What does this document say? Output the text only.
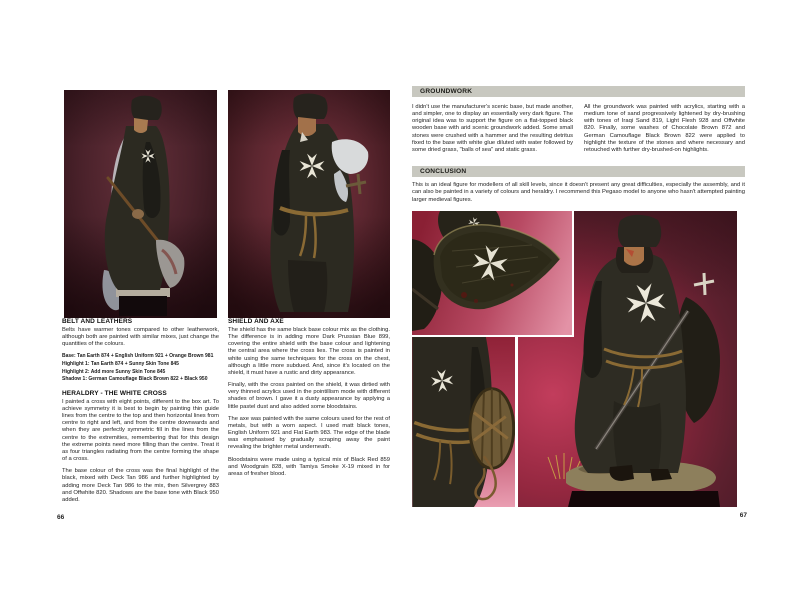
BELT AND LEATHERS

Belts have warmer tones compared to other leatherwork, although both are painted with similar mixes, just change the quantities of the colours.

Base: Tan Earth 874 + English Uniform 921 + Orange Brown 981
Highlight 1: Tan Earth 874 + Sunny Skin Tone 845
Highlight 2: Add more Sunny Skin Tone 845
Shadow 1: German Camouflage Black Brown 822 + Black 950
HERALDRY - THE WHITE CROSS

I painted a cross with eight points, different to the box art. To achieve symmetry it is best to begin by painting thin guide lines from the centre to the top and then horizontal lines from centre to right and left, and from the centre downwards and when they are perfectly symmetric fill in the lines from the centre to the extremities, remembering that for this design the extreme points need more filling than the centre. Treat it as four triangles radiating from the centre forming the shape of a cross.

The base colour of the cross was the final highlight of the black, mixed with Deck Tan 986 and further highlighted by adding more Deck Tan 986 to the mix, then Silvergrey 883 and Offwhite 820. Shadows are the base tone with Black 950 added.

SHIELD AND AXE

The shield has the same black base colour mix as the clothing. The difference is in adding more Dark Prussian Blue 899, covering the entire shield with the base colour and lightening the central area where the cross lies. The cross is painted in white using the same techniques for the cross on the chest, although a little more subdued. And, since it's located on the shield, it must have a rustic and dirty appearance.

Finally, with the cross painted on the shield, it was dirtied with very thinned acrylics used in the pointillism mode with different shades of brown. I gave it a dusty appearance by applying a little pastel dust and also added some bloodstains.

The axe was painted with the same colours used for the rest of metals, but with a worn aspect. I used matt black tones, English Uniform 921 and Flat Earth 983. The edge of the blade was emphasised by gradually scraping away the paint revealing the brighter metal underneath.

Bloodstains were made using a typical mix of Black Red 859 and Woodgrain 828, with Tamiya Smoke X-19 mixed in for areas of fresher blood.

66
GROUNDWORK

I didn't use the manufacturer's scenic base, but made another, and simpler, one to display an essentially very dark figure. The original idea was to support the figure on a flat-topped black wooden base with arid scenic groundwork added. Some small stones were crushed with a hammer and the resulting detritus fixed to the base with white glue diluted with water followed by some dried grass, "balls of sea" and static grass.

All the groundwork was painted with acrylics, starting with a medium tone of sand progressively lightened by dry-brushing with tones of Iraqi Sand 819, Light Flesh 928 and Offwhite 820. Finally, some washes of Chocolate Brown 872 and German Camouflage Black Brown 822 were applied to highlight the texture of the stones and where necessary and retouched with further dry-brushed-on highlights.

CONCLUSION

This is an ideal figure for modellers of all skill levels, since it doesn't present any great difficulties, especially the assembly, and it can also be painted in a variety of colours and heraldry. I recommend this Pegaso model to anyone who hasn't attempted painting larger medieval figures.

67
